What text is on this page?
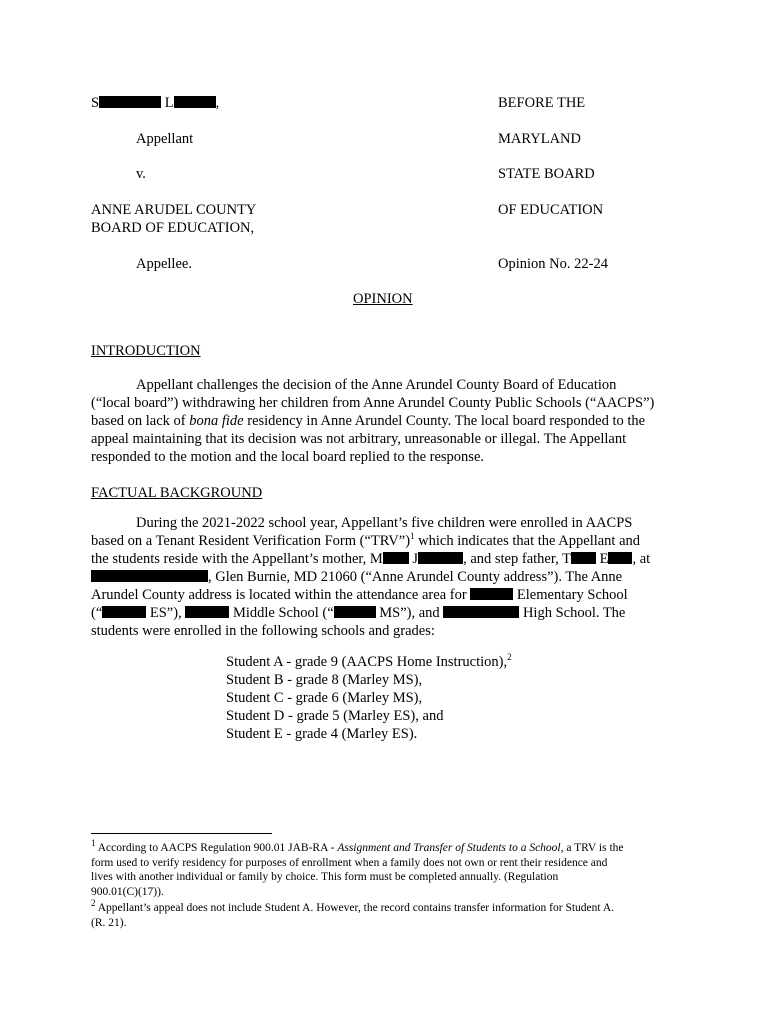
S	L	,
Appellant
v.
ANNE ARUDEL COUNTY
BOARD OF EDUCATION,
Appellee.
BEFORE THE
MARYLAND
STATE BOARD
OF EDUCATION
Opinion No. 22-24
OPINION
INTRODUCTION
Appellant challenges the decision of the Anne Arundel County Board of Education
(“local board”) withdrawing her children from Anne Arundel County Public Schools (“AACPS”)
based on lack of bona fide residency in Anne Arundel County. The local board responded to the
appeal maintaining that its decision was not arbitrary, unreasonable or illegal. The Appellant
responded to the motion and the local board replied to the response.
FACTUAL BACKGROUND
During the 2021-2022 school year, Appellant’s five children were enrolled in AACPS
based on a Tenant Resident Verification Form (“TRV”)$^1$ which indicates that the Appellant and
the students reside with the Appellant’s mother, M J	, and step father, T E , at
, Glen Burnie, MD 21060 (“Anne Arundel County address”). The Anne
Arundel County address is located within the attendance area for	Elementary School
(“	ES”),	Middle School (“	MS”), and	High School. The
students were enrolled in the following schools and grades:
Student A - grade 9 (AACPS Home Instruction),$^2$
Student B - grade 8 (Marley MS),
Student C - grade 6 (Marley MS),
Student D - grade 5 (Marley ES), and
Student E - grade 4 (Marley ES).
$^1$ According to AACPS Regulation 900.01 JAB-RA - Assignment and Transfer of Students to a School, a TRV is the
form used to verify residency for purposes of enrollment when a family does not own or rent their residence and
lives with another individual or family by choice. This form must be completed annually. (Regulation
900.01(C)(17)).
$^2$ Appellant’s appeal does not include Student A. However, the record contains transfer information for Student A.
(R. 21).
